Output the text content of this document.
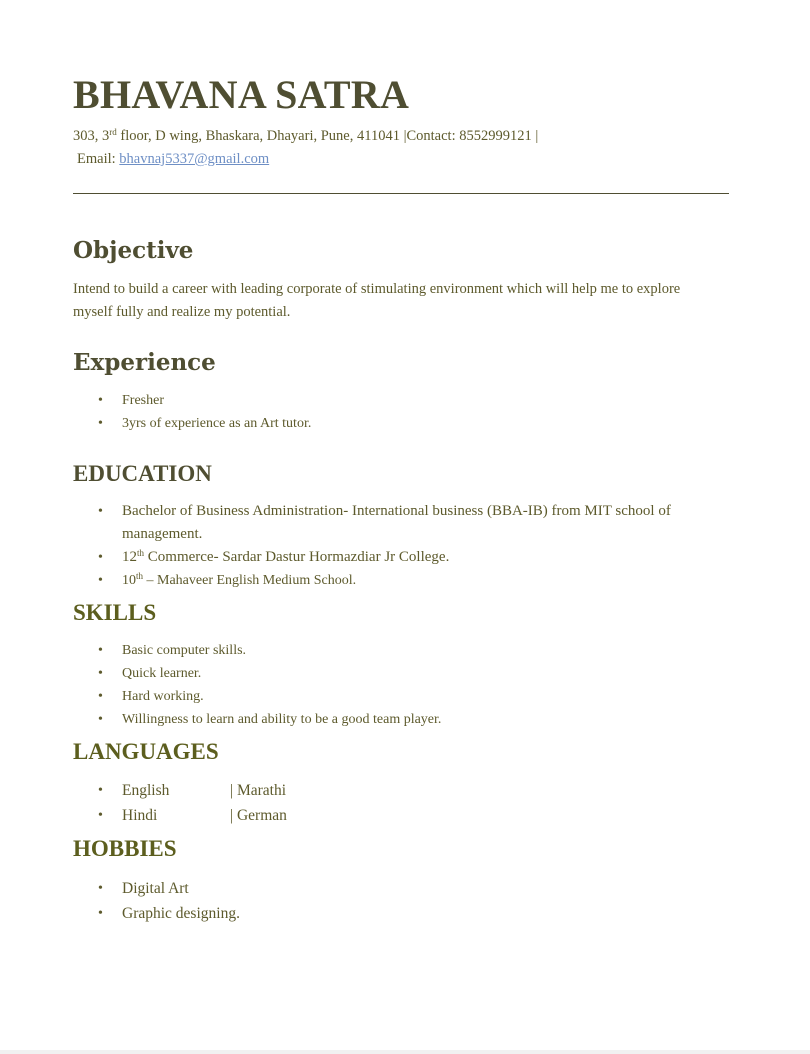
BHAVANA SATRA
303, 3rd floor, D wing, Bhaskara, Dhayari, Pune, 411041 |Contact: 8552999121 |
Email: bhavnaj5337@gmail.com
Objective

Intend to build a career with leading corporate of stimulating environment which will help me to explore myself fully and realize my potential.

Experience
• Fresher
• 3yrs of experience as an Art tutor.
EDUCATION
• Bachelor of Business Administration- International business (BBA-IB) from MIT school of management.
• 12th Commerce- Sardar Dastur Hormazdiar Jr College.
• 10th – Mahaveer English Medium School.
SKILLS
• Basic computer skills.
• Quick learner.
• Hard working.
• Willingness to learn and ability to be a good team player.
LANGUAGES
• English	| Marathi
• Hindi	| German
HOBBIES
• Digital Art
• Graphic designing.
